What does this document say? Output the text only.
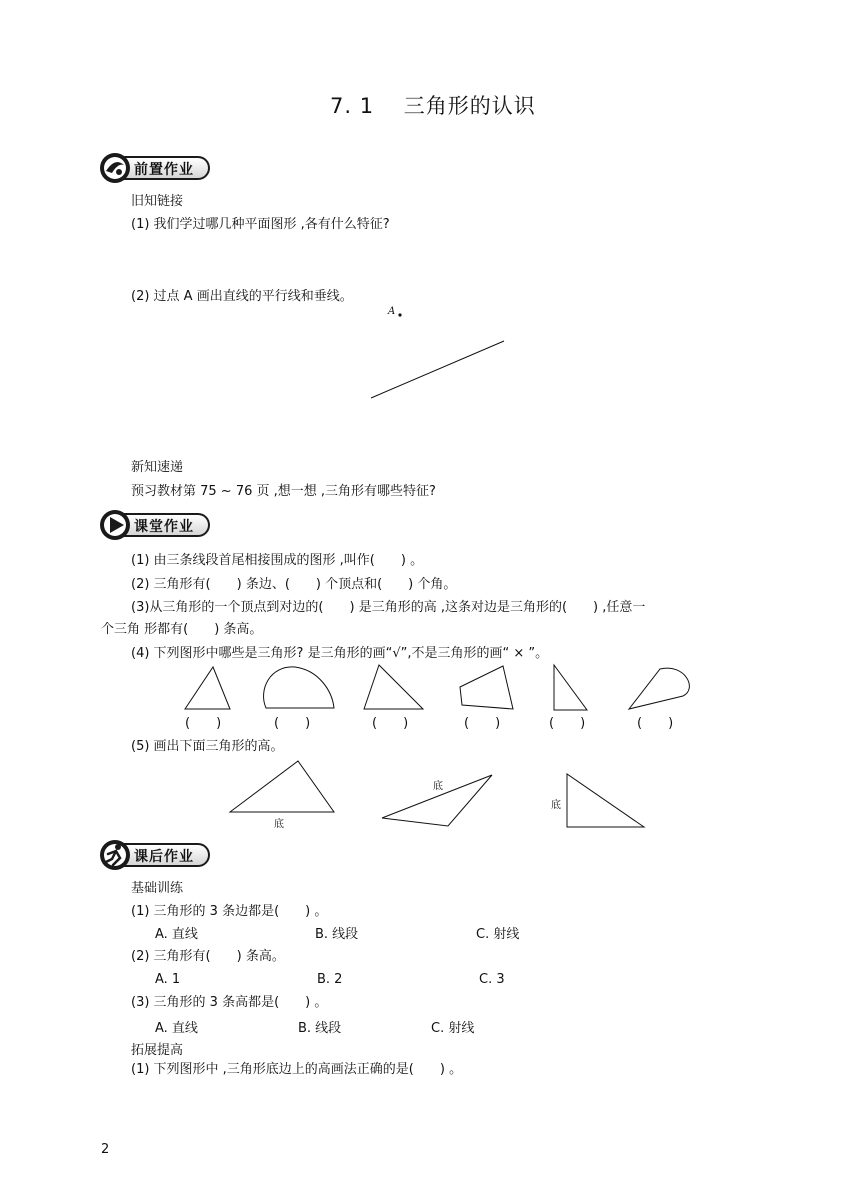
7. 1　 三角形的认识
前置作业
旧知链接
(1) 我们学过哪几种平面图形 ,各有什么特征?
(2) 过点 A 画出直线的平行线和垂线。
A
新知速递
预习教材第 75 ~ 76 页 ,想一想 ,三角形有哪些特征?
课堂作业
(1) 由三条线段首尾相接围成的图形 ,叫作(　　) 。
(2) 三角形有(　　) 条边、(　　) 个顶点和(　　) 个角。
(3)从三角形的一个顶点到对边的(　　) 是三角形的高 ,这条对边是三角形的(　　) ,任意一
个三角 形都有(　　) 条高。
(4) 下列图形中哪些是三角形? 是三角形的画“√”,不是三角形的画“ × ”。
(　　)	(　　)	(　　)	(　　)	(　　)	(　　)
(5) 画出下面三角形的高。
底
底
底
课后作业
基础训练
(1) 三角形的 3 条边都是(　　) 。
A. 直线	B. 线段	C. 射线
(2) 三角形有(　　) 条高。
A. 1	B. 2	C. 3
(3) 三角形的 3 条高都是(　　) 。
A. 直线	B. 线段	C. 射线
拓展提高
(1) 下列图形中 ,三角形底边上的高画法正确的是(　　) 。
2
